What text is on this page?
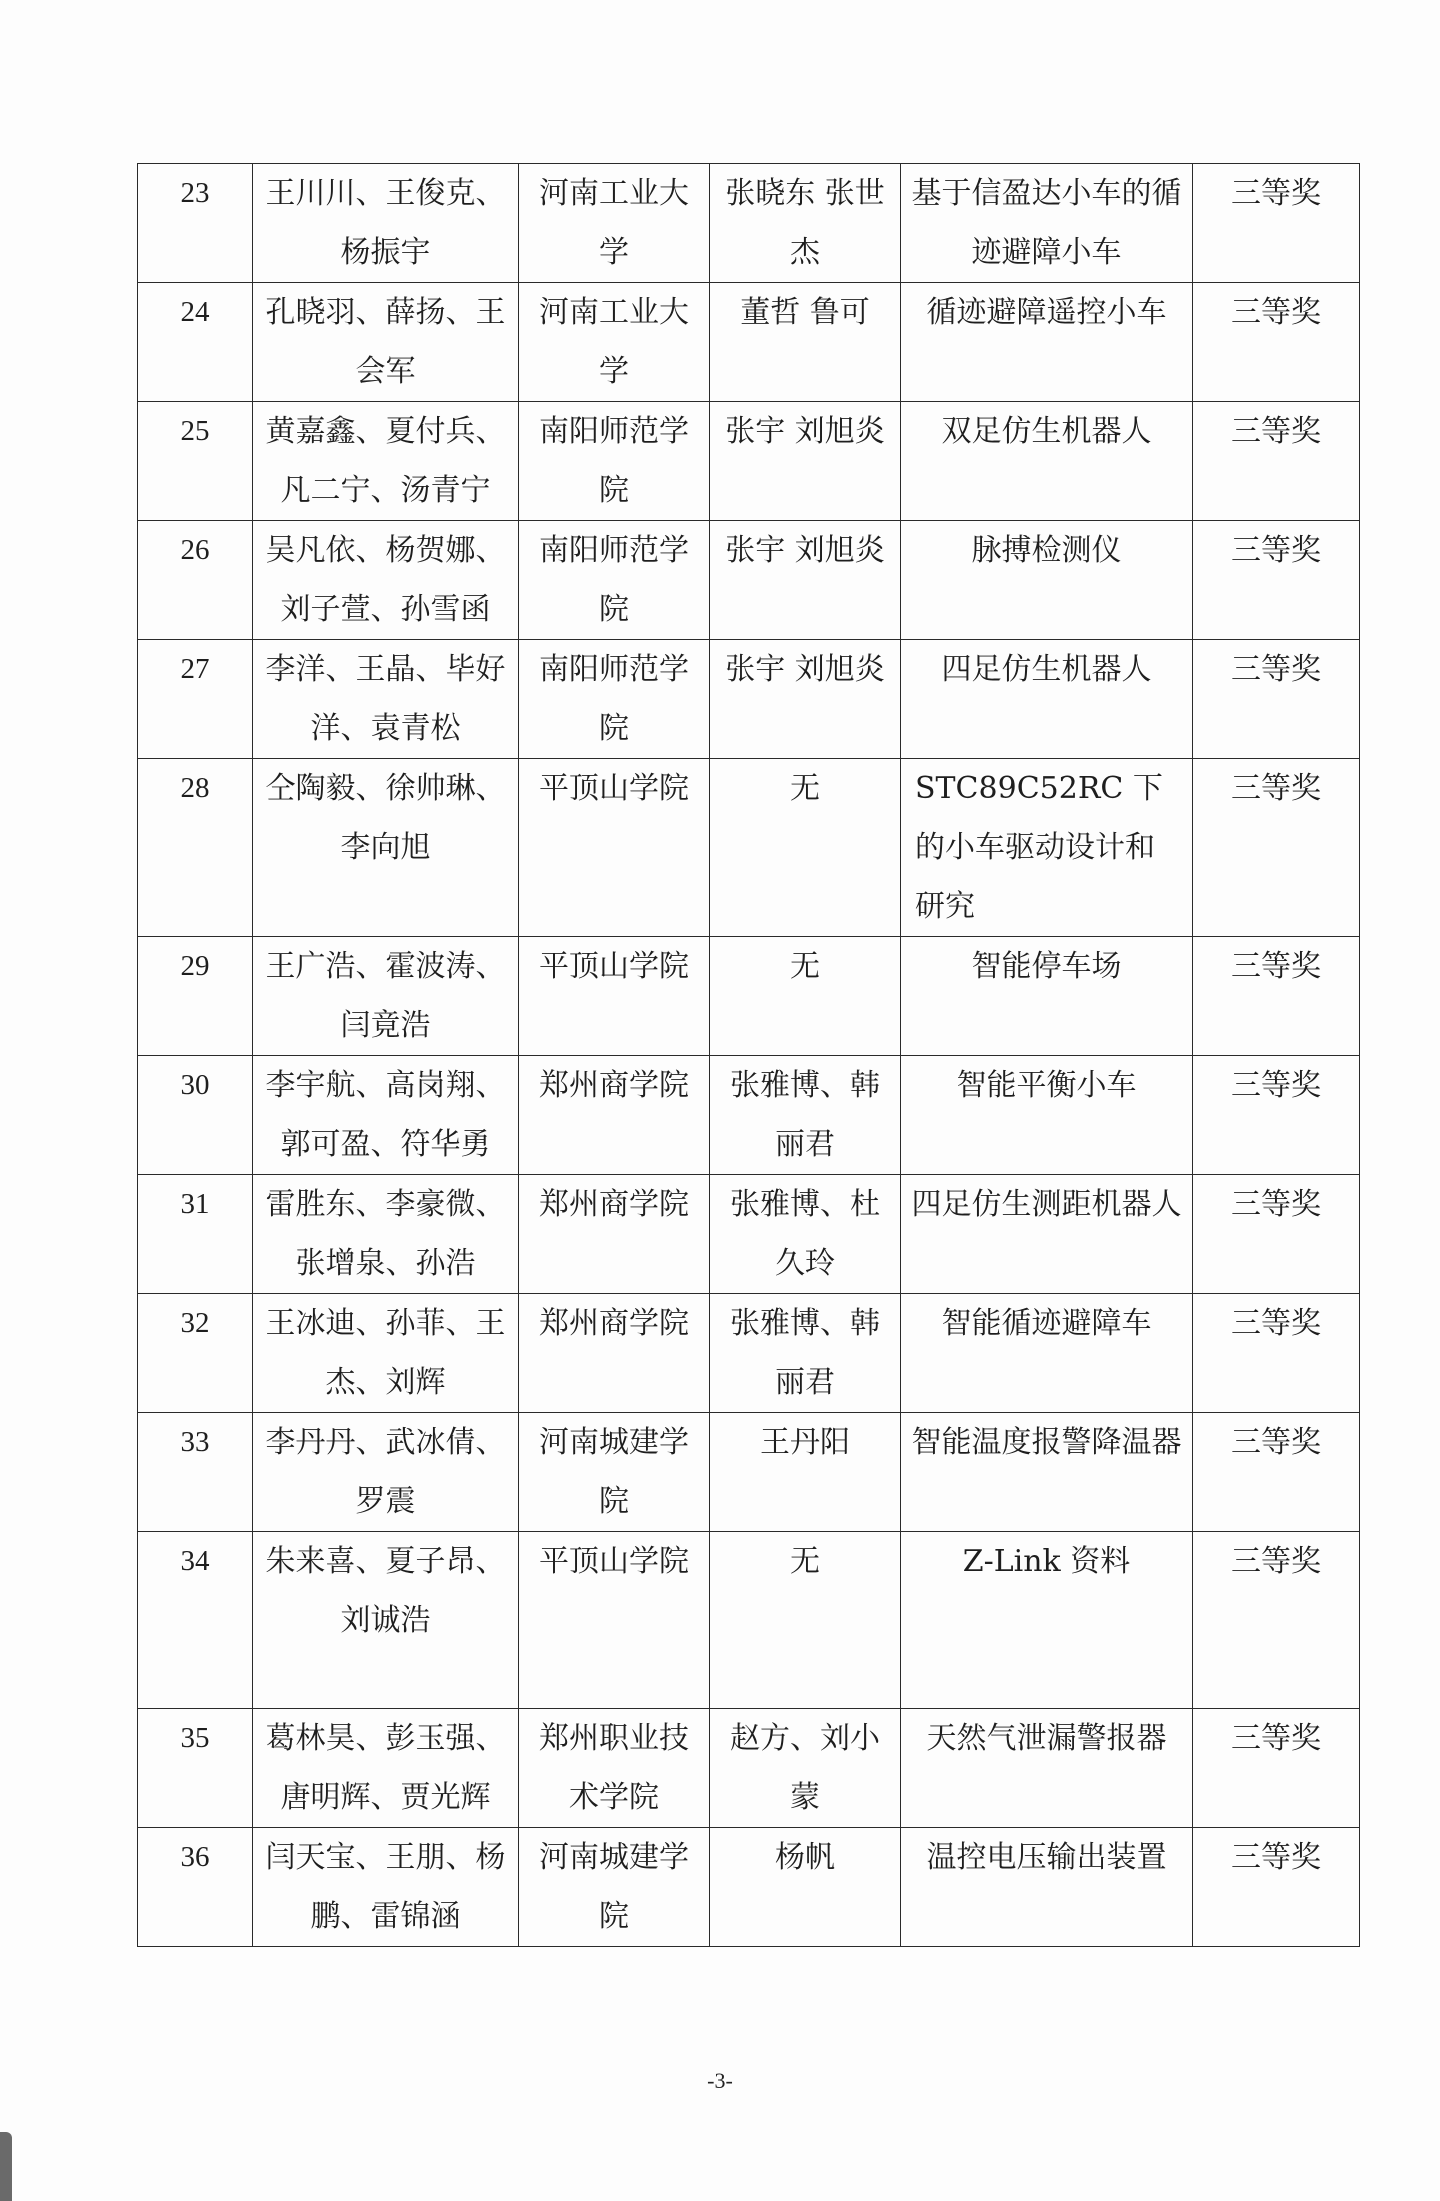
23	王川川、王俊克、杨振宇	河南工业大学	张晓东 张世杰	基于信盈达小车的循迹避障小车	三等奖
24	孔晓羽、薛扬、王会军	河南工业大学	董哲 鲁可	循迹避障遥控小车	三等奖
25	黄嘉鑫、夏付兵、凡二宁、汤青宁	南阳师范学院	张宇 刘旭炎	双足仿生机器人	三等奖
26	吴凡依、杨贺娜、刘子萱、孙雪函	南阳师范学院	张宇 刘旭炎	脉搏检测仪	三等奖
27	李洋、王晶、毕好洋、袁青松	南阳师范学院	张宇 刘旭炎	四足仿生机器人	三等奖
28	仝陶毅、徐帅琳、李向旭	平顶山学院	无	STC89C52RC 下 的小车驱动设计和研究	三等奖
29	王广浩、霍波涛、闫竟浩	平顶山学院	无	智能停车场	三等奖
30	李宇航、高岗翔、郭可盈、符华勇	郑州商学院	张雅博、韩丽君	智能平衡小车	三等奖
31	雷胜东、李豪微、张增泉、孙浩	郑州商学院	张雅博、杜久玲	四足仿生测距机器人	三等奖
32	王冰迪、孙菲、王杰、刘辉	郑州商学院	张雅博、韩丽君	智能循迹避障车	三等奖
33	李丹丹、武冰倩、罗震	河南城建学院	王丹阳	智能温度报警降温器	三等奖
34	朱来喜、夏子昂、刘诚浩	平顶山学院	无	Z-Link 资料	三等奖
35	葛林昊、彭玉强、唐明辉、贾光辉	郑州职业技术学院	赵方、刘小蒙	天然气泄漏警报器	三等奖
36	闫天宝、王朋、杨鹏、雷锦涵	河南城建学院	杨帆	温控电压输出装置	三等奖
-3-
